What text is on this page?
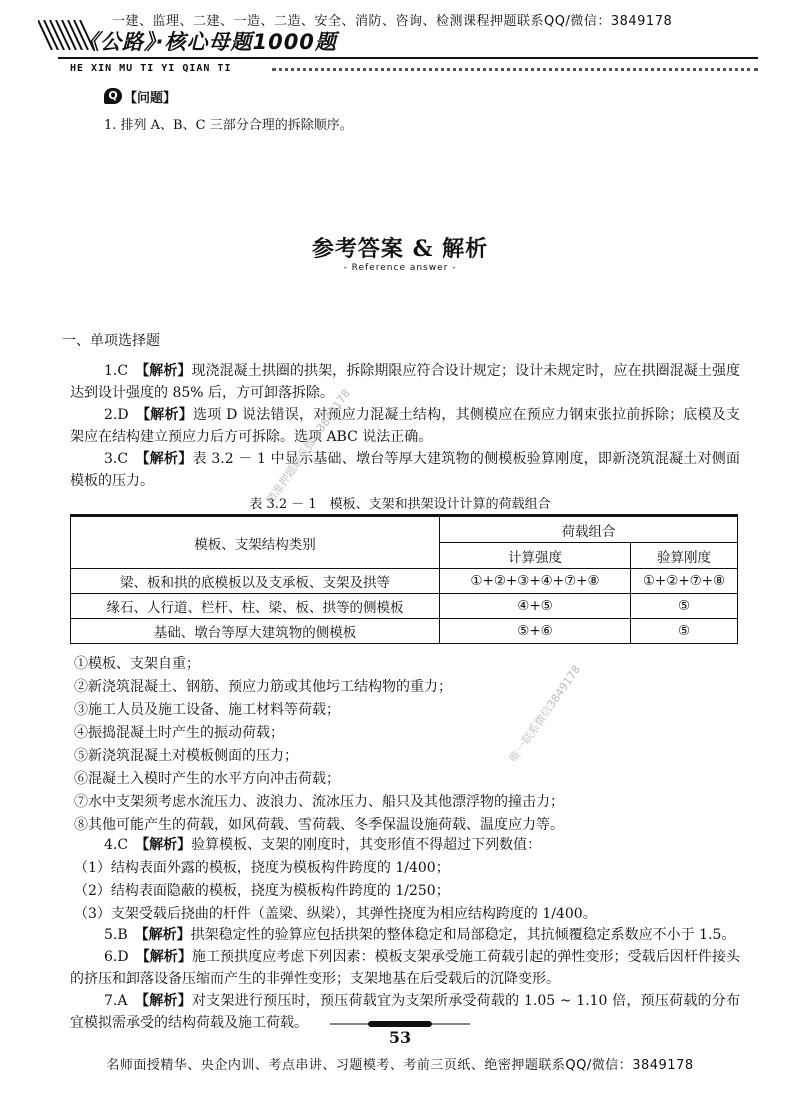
一建、监理、二建、一造、二造、安全、消防、咨询、检测课程押题联系QQ/微信：3849178
《公路》·核心母题1000题
HE XIN MU TI YI QIAN TI
Q 【问题】
1. 排列 A、B、C 三部分合理的拆除顺序。
参考答案 & 解析
- Reference answer -
一、单项选择题
1.C　 【解析】现浇混凝土拱圈的拱架，拆除期限应符合设计规定；设计未规定时，应在拱圈混凝土强度达到设计强度的 85% 后，方可卸落拆除。
2.D　 【解析】选项 D 说法错误，对预应力混凝土结构，其侧模应在预应力钢束张拉前拆除；底模及支架应在结构建立预应力后方可拆除。选项 ABC 说法正确。
3.C　 【解析】表 3.2 － 1 中显示基础、墩台等厚大建筑物的侧模板验算刚度，即新浇筑混凝土对侧面模板的压力。
表 3.2 － 1　模板、支架和拱架设计计算的荷载组合
模板、支架结构类别	荷载组合	
	计算强度	验算刚度
梁、板和拱的底模板以及支承板、支架及拱等	①+②+③+④+⑦+⑧	①+②+⑦+⑧
缘石、人行道、栏杆、柱、梁、板、拱等的侧模板	④+⑤	⑤
基础、墩台等厚大建筑物的侧模板	⑤+⑥	⑤
①模板、支架自重；
②新浇筑混凝土、钢筋、预应力筋或其他圬工结构物的重力；
③施工人员及施工设备、施工材料等荷载；
④振捣混凝土时产生的振动荷载；
⑤新浇筑混凝土对模板侧面的压力；
⑥混凝土入模时产生的水平方向冲击荷载；
⑦水中支架须考虑水流压力、波浪力、流冰压力、船只及其他漂浮物的撞击力；
⑧其他可能产生的荷载，如风荷载、雪荷载、冬季保温设施荷载、温度应力等。
4.C　 【解析】验算模板、支架的刚度时，其变形值不得超过下列数值：
（1）结构表面外露的模板，挠度为模板构件跨度的 1/400；
（2）结构表面隐蔽的模板，挠度为模板构件跨度的 1/250；
（3）支架受载后挠曲的杆件（盖梁、纵梁），其弹性挠度为相应结构跨度的 1/400。
5.B　 【解析】拱架稳定性的验算应包括拱架的整体稳定和局部稳定，其抗倾覆稳定系数应不小于 1.5。
6.D　 【解析】施工预拱度应考虑下列因素：模板支架承受施工荷载引起的弹性变形；受载后因杆件接头的挤压和卸落设备压缩而产生的非弹性变形；支架地基在后受载后的沉降变形。
7.A　 【解析】对支架进行预压时，预压荷载宜为支架所承受荷载的 1.05 ~ 1.10 倍，预压荷载的分布宜模拟需承受的结构荷载及施工荷载。
精准押题联系微信3849178
唯一联系微信3849178
53
名师面授精华、央企内训、考点串讲、习题模考、考前三页纸、绝密押题联系QQ/微信：3849178
